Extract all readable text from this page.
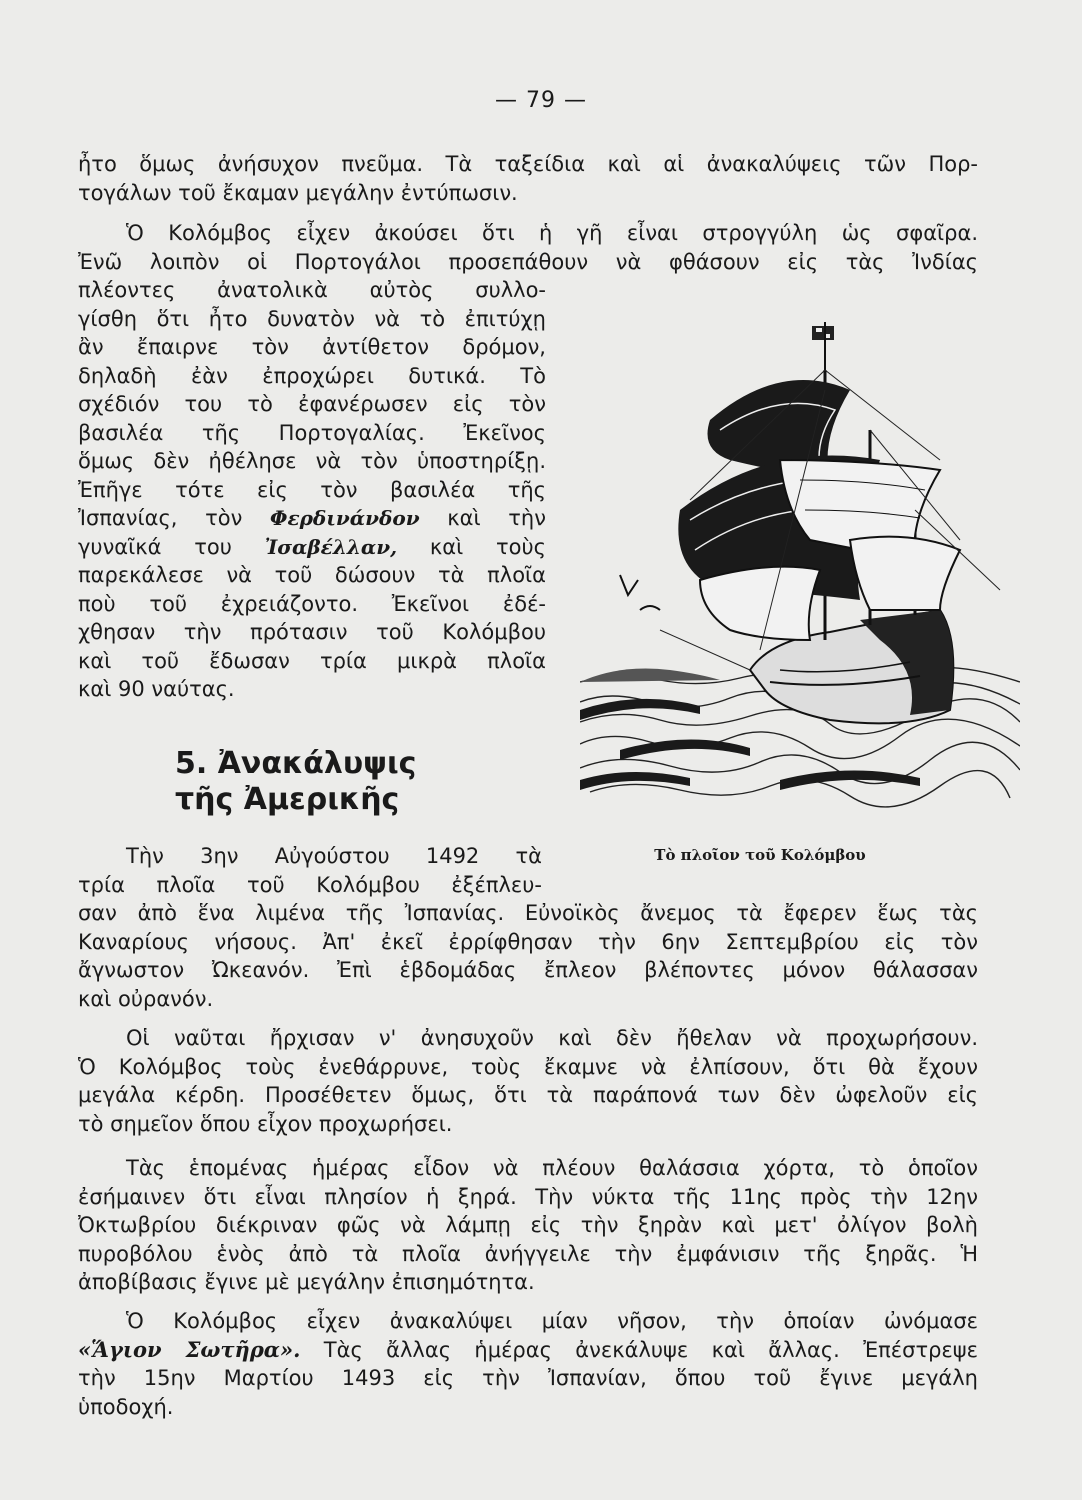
— 79 —
ἦτο ὅμως ἀνήσυχον πνεῦμα. Τὰ ταξείδια καὶ αἱ ἀνακαλύψεις τῶν Πορ-
τογάλων τοῦ ἔκαμαν μεγάλην ἐντύπωσιν.
Ὁ Κολόμβος εἶχεν ἀκούσει ὅτι ἡ γῆ εἶναι στρογγύλη ὡς σφαῖρα.
Ἐνῶ λοιπὸν οἱ Πορτογάλοι προσεπάθουν νὰ φθάσουν εἰς τὰς Ἰνδίας
πλέοντες ἀνατολικὰ αὐτὸς συλλο-
γίσθη ὅτι ἦτο δυνατὸν νὰ τὸ ἐπιτύχῃ
ἂν ἔπαιρνε τὸν ἀντίθετον δρόμον,
δηλαδὴ ἐὰν ἐπροχώρει δυτικά. Τὸ
σχέδιόν του τὸ ἐφανέρωσεν εἰς τὸν
βασιλέα τῆς Πορτογαλίας. Ἐκεῖνος
ὅμως δὲν ἠθέλησε νὰ τὸν ὑποστηρίξῃ.
Ἐπῆγε τότε εἰς τὸν βασιλέα τῆς
Ἰσπανίας, τὸν Φερδινάνδον καὶ τὴν
γυναῖκά του Ἰσαβέλλαν, καὶ τοὺς
παρεκάλεσε νὰ τοῦ δώσουν τὰ πλοῖα
ποὺ τοῦ ἐχρειάζοντο. Ἐκεῖνοι ἐδέ-
χθησαν τὴν πρότασιν τοῦ Κολόμβου
καὶ τοῦ ἔδωσαν τρία μικρὰ πλοῖα
καὶ 90 ναύτας.
5. Ἀνακάλυψις
τῆς Ἀμερικῆς
Τὸ πλοῖον τοῦ Κολόμβου
Τὴν 3ην Αὐγούστου 1492 τὰ
τρία πλοῖα τοῦ Κολόμβου ἐξέπλευ-
σαν ἀπὸ ἕνα λιμένα τῆς Ἰσπανίας. Εὐνοϊκὸς ἄνεμος τὰ ἔφερεν ἕως τὰς
Καναρίους νήσους. Ἀπ' ἐκεῖ ἐρρίφθησαν τὴν 6ην Σεπτεμβρίου εἰς τὸν
ἄγνωστον Ὠκεανόν. Ἐπὶ ἑβδομάδας ἔπλεον βλέποντες μόνον θάλασσαν
καὶ οὐρανόν.
Οἱ ναῦται ἤρχισαν ν' ἀνησυχοῦν καὶ δὲν ἤθελαν νὰ προχωρήσουν.
Ὁ Κολόμβος τοὺς ἐνεθάρρυνε, τοὺς ἔκαμνε νὰ ἐλπίσουν, ὅτι θὰ ἔχουν
μεγάλα κέρδη. Προσέθετεν ὅμως, ὅτι τὰ παράπονά των δὲν ὠφελοῦν εἰς
τὸ σημεῖον ὅπου εἶχον προχωρήσει.
Τὰς ἑπομένας ἡμέρας εἶδον νὰ πλέουν θαλάσσια χόρτα, τὸ ὁποῖον
ἐσήμαινεν ὅτι εἶναι πλησίον ἡ ξηρά. Τὴν νύκτα τῆς 11ης πρὸς τὴν 12ην
Ὀκτωβρίου διέκριναν φῶς νὰ λάμπῃ εἰς τὴν ξηρὰν καὶ μετ' ὀλίγον βολὴ
πυροβόλου ἑνὸς ἀπὸ τὰ πλοῖα ἀνήγγειλε τὴν ἐμφάνισιν τῆς ξηρᾶς. Ἡ
ἀποβίβασις ἔγινε μὲ μεγάλην ἐπισημότητα.
Ὁ Κολόμβος εἶχεν ἀνακαλύψει μίαν νῆσον, τὴν ὁποίαν ὠνόμασε
«Ἅγιον Σωτῆρα». Τὰς ἄλλας ἡμέρας ἀνεκάλυψε καὶ ἄλλας. Ἐπέστρεψε
τὴν 15ην Μαρτίου 1493 εἰς τὴν Ἰσπανίαν, ὅπου τοῦ ἔγινε μεγάλη
ὑποδοχή.
